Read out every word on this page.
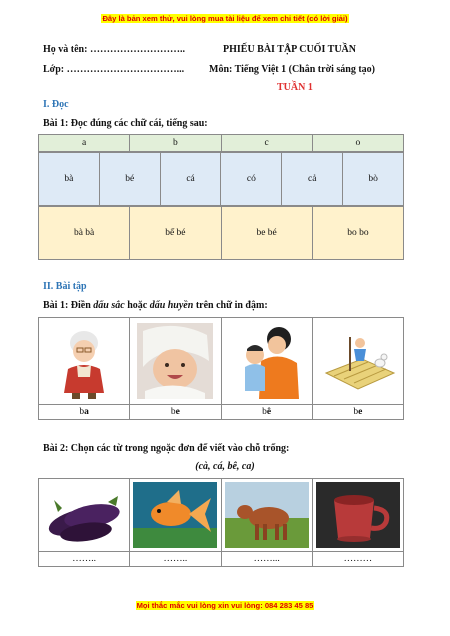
Đây là bản xem thử, vui lòng mua tài liệu để xem chi tiết (có lời giải)
Họ và tên: ………………………..	PHIẾU BÀI TẬP CUỐI TUẦN
Lớp: ……………………………... Môn: Tiếng Việt 1 (Chân trời sáng tạo)
TUẦN 1
I. Đọc
Bài 1: Đọc đúng các chữ cái, tiếng sau:
a	b	c	o
bà	bé	cá	có	cả	bò
bà bà	bế bé	be bé	bo bo
II. Bài tập
Bài 1: Điền dấu sắc hoặc dấu huyền trên chữ in đậm:

ba	be	bê	be
Bài 2: Chọn các từ trong ngoặc đơn để viết vào chỗ trống:
(cà, cá, bê, ca)

……..	……..	……...	………
Mọi thắc mắc vui lòng xin vui lòng: 084 283 45 85
